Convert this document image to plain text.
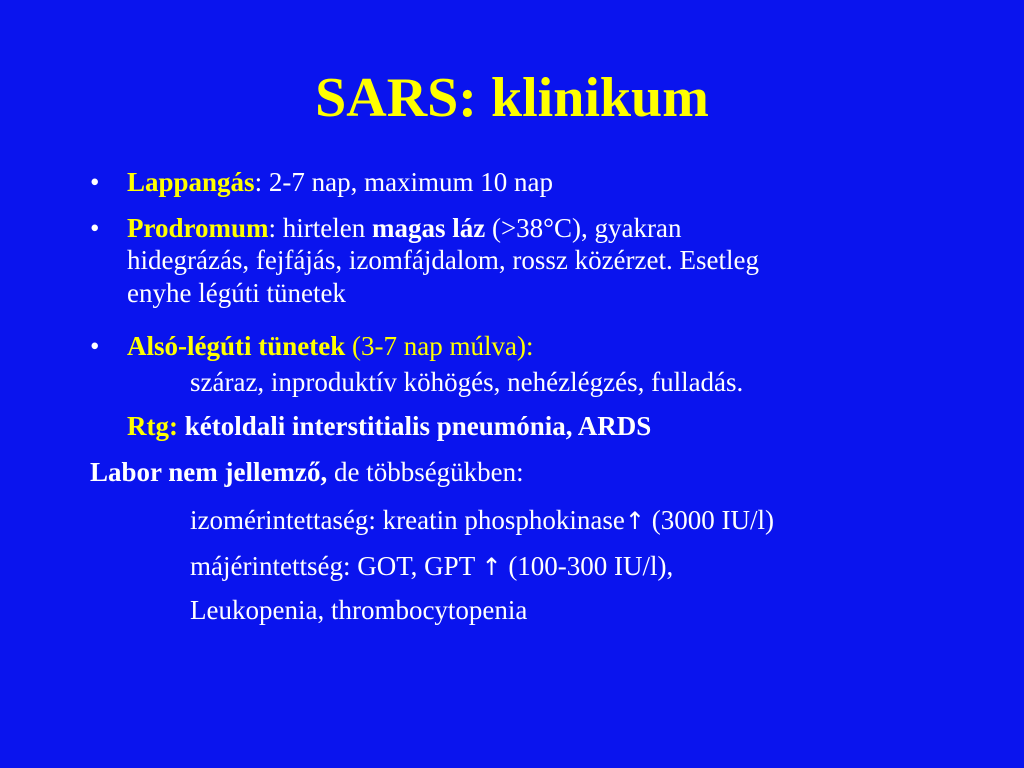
SARS: klinikum
•	Lappangás: 2-7 nap, maximum 10 nap
•	Prodromum: hirtelen magas láz (>38°C), gyakran
hidegrázás, fejfájás, izomfájdalom, rossz közérzet. Esetleg
enyhe légúti tünetek
•	Alsó-légúti tünetek (3-7 nap múlva):
száraz, inproduktív köhögés, nehézlégzés, fulladás.
Rtg: kétoldali interstitialis pneumónia, ARDS
Labor nem jellemző, de többségükben:
izomérintettaség: kreatin phosphokinase↑ (3000 IU/l)
májérintettség: GOT, GPT ↑ (100-300 IU/l),
Leukopenia, thrombocytopenia
